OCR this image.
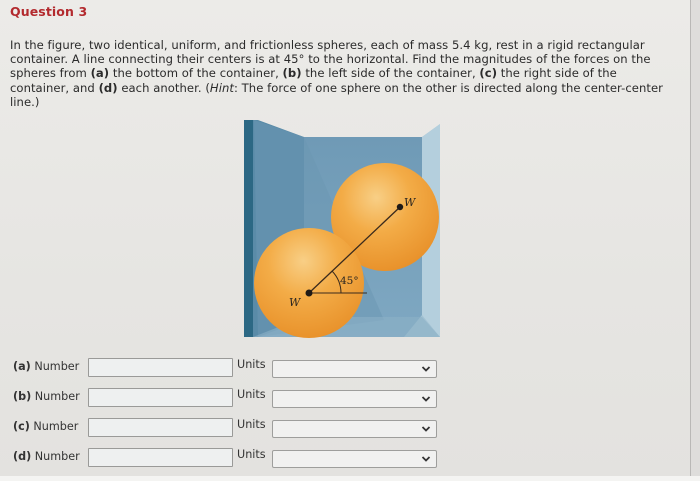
Question 3
In the figure, two identical, uniform, and frictionless spheres, each of mass 5.4 kg, rest in a rigid rectangular
container. A line connecting their centers is at 45° to the horizontal. Find the magnitudes of the forces on the
spheres from (a) the bottom of the container, (b) the left side of the container, (c) the right side of the
container, and (d) each another. (Hint: The force of one sphere on the other is directed along the center-center
line.)
W
W
45°
(a) Number	Units
(b) Number	Units
(c) Number	Units
(d) Number	Units
